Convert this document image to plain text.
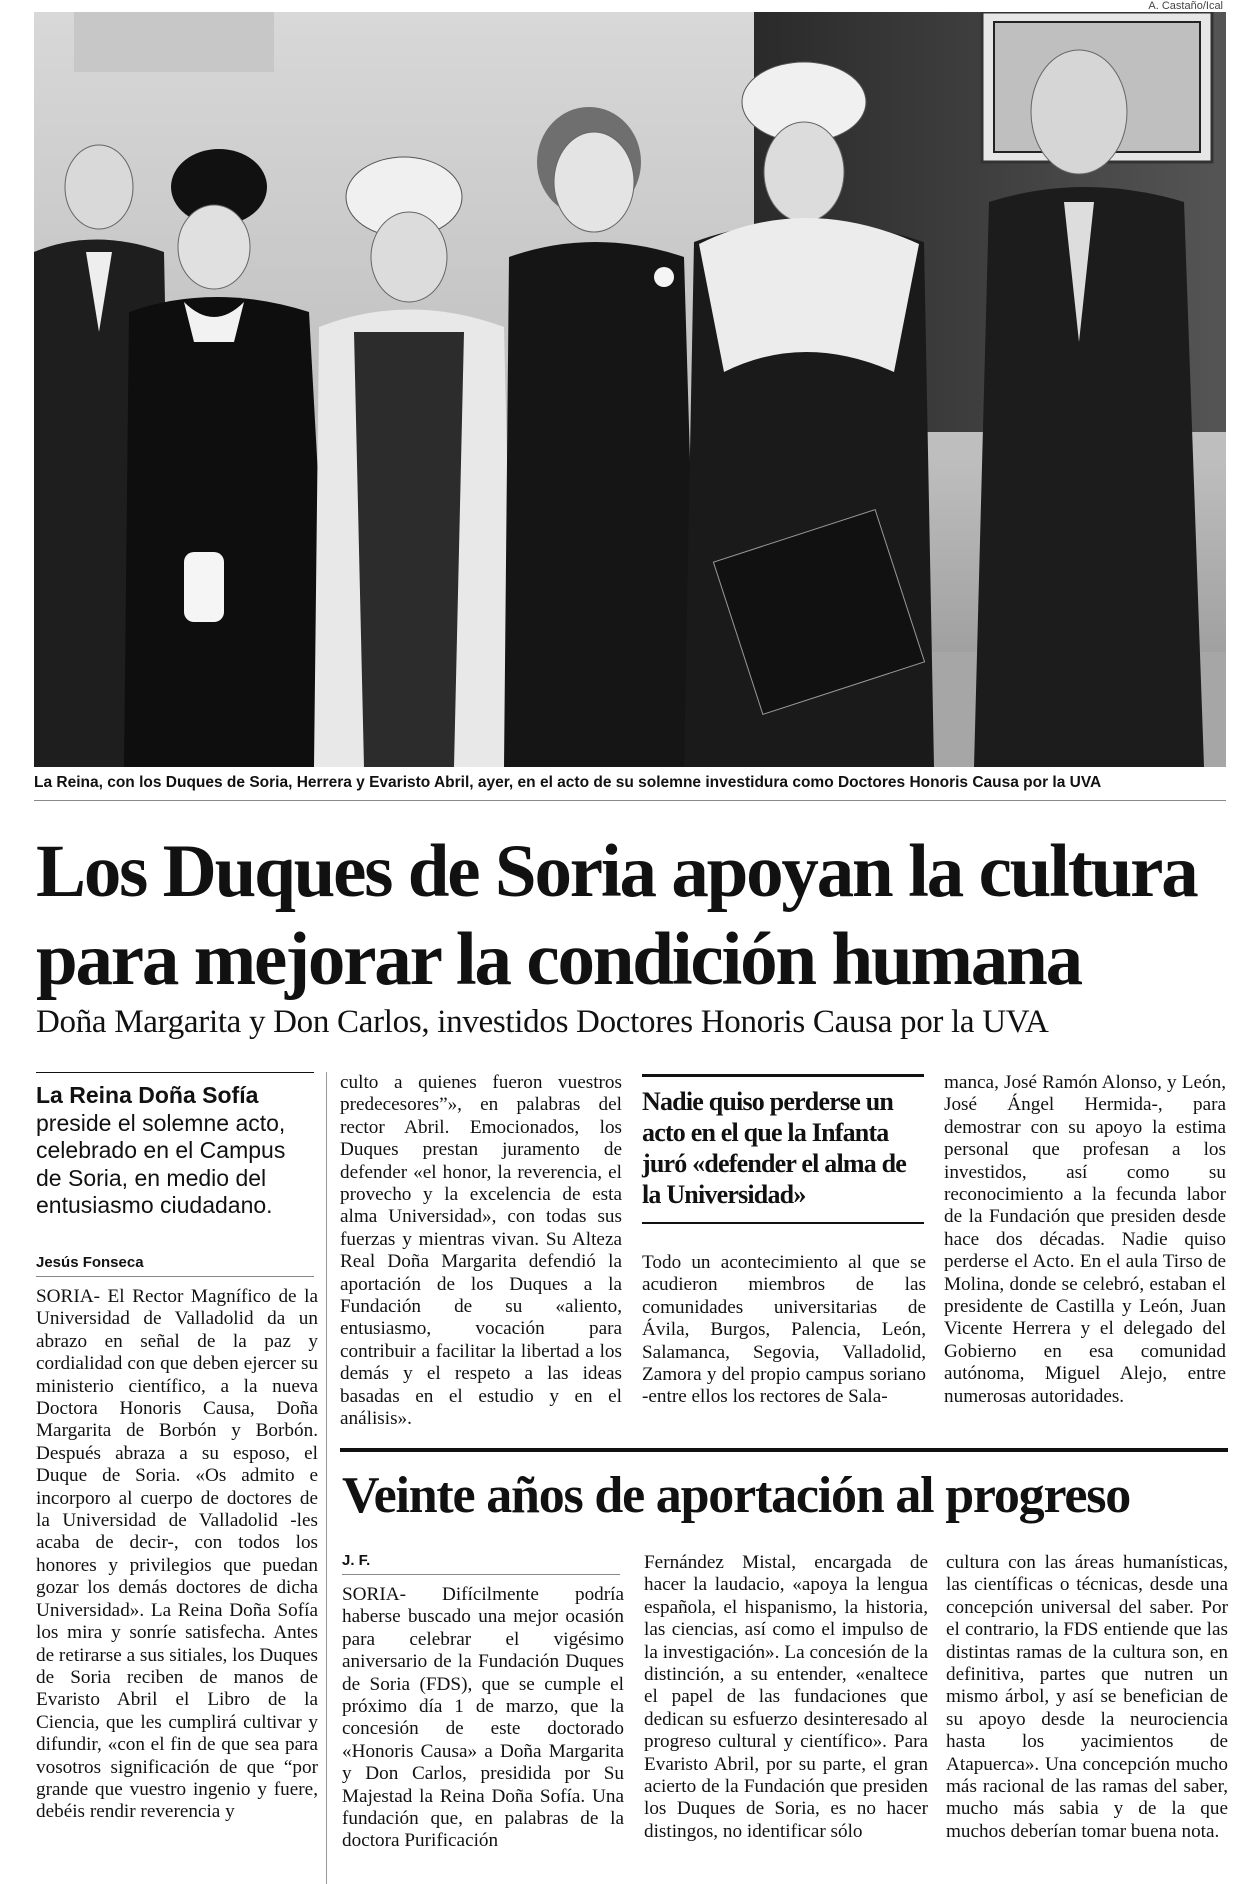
A. Castaño/Ical
La Reina, con los Duques de Soria, Herrera y Evaristo Abril, ayer, en el acto de su solemne investidura como Doctores Honoris Causa por la UVA
Los Duques de Soria apoyan la cultura
para mejorar la condición humana
Doña Margarita y Don Carlos, investidos Doctores Honoris Causa por la UVA

La Reina Doña Sofía preside el solemne acto, celebrado en el Campus de Soria, en medio del entusiasmo ciudadano.

Jesús Fonseca

SORIA- El Rector Magnífico de la Universidad de Valladolid da un abrazo en señal de la paz y cordialidad con que deben ejercer su ministerio científico, a la nueva Doctora Honoris Causa, Doña Margarita de Borbón y Borbón. Después abraza a su esposo, el Duque de Soria. «Os admito e incorporo al cuerpo de doctores de la Universidad de Valladolid -les acaba de decir-, con todos los honores y privilegios que puedan gozar los demás doctores de dicha Universidad». La Reina Doña Sofía los mira y sonríe satisfecha. Antes de retirarse a sus sitiales, los Duques de Soria reciben de manos de Evaristo Abril el Libro de la Ciencia, que les cumplirá cultivar y difundir, «con el fin de que sea para vosotros significación de que “por grande que vuestro ingenio y fuere, debéis rendir reverencia y

culto a quienes fueron vuestros predecesores”», en palabras del rector Abril. Emocionados, los Duques prestan juramento de defender «el honor, la reverencia, el provecho y la excelencia de esta alma Universidad», con todas sus fuerzas y mientras vivan. Su Alteza Real Doña Margarita defendió la aportación de los Duques a la Fundación de su «aliento, entusiasmo, vocación para contribuir a facilitar la libertad a los demás y el respeto a las ideas basadas en el estudio y en el análisis».

Nadie quiso perderse un acto en el que la Infanta juró «defender el alma de la Universidad»

Todo un acontecimiento al que se acudieron miembros de las comunidades universitarias de Ávila, Burgos, Palencia, León, Salamanca, Segovia, Valladolid, Zamora y del propio campus soriano -entre ellos los rectores de Sala-

manca, José Ramón Alonso, y León, José Ángel Hermida-, para demostrar con su apoyo la estima personal que profesan a los investidos, así como su reconocimiento a la fecunda labor de la Fundación que presiden desde hace dos décadas. Nadie quiso perderse el Acto. En el aula Tirso de Molina, donde se celebró, estaban el presidente de Castilla y León, Juan Vicente Herrera y el delegado del Gobierno en esa comunidad autónoma, Miguel Alejo, entre numerosas autoridades.

Veinte años de aportación al progreso
J. F.

SORIA- Difícilmente podría haberse buscado una mejor ocasión para celebrar el vigésimo aniversario de la Fundación Duques de Soria (FDS), que se cumple el próximo día 1 de marzo, que la concesión de este doctorado «Honoris Causa» a Doña Margarita y Don Carlos, presidida por Su Majestad la Reina Doña Sofía. Una fundación que, en palabras de la doctora Purificación

Fernández Mistal, encargada de hacer la laudacio, «apoya la lengua española, el hispanismo, la historia, las ciencias, así como el impulso de la investigación». La concesión de la distinción, a su entender, «enaltece el papel de las fundaciones que dedican su esfuerzo desinteresado al progreso cultural y científico». Para Evaristo Abril, por su parte, el gran acierto de la Fundación que presiden los Duques de Soria, es no hacer distingos, no identificar sólo

cultura con las áreas humanísticas, las científicas o técnicas, desde una concepción universal del saber. Por el contrario, la FDS entiende que las distintas ramas de la cultura son, en definitiva, partes que nutren un mismo árbol, y así se benefician de su apoyo desde la neurociencia hasta los yacimientos de Atapuerca». Una concepción mucho más racional de las ramas del saber, mucho más sabia y de la que muchos deberían tomar buena nota.
